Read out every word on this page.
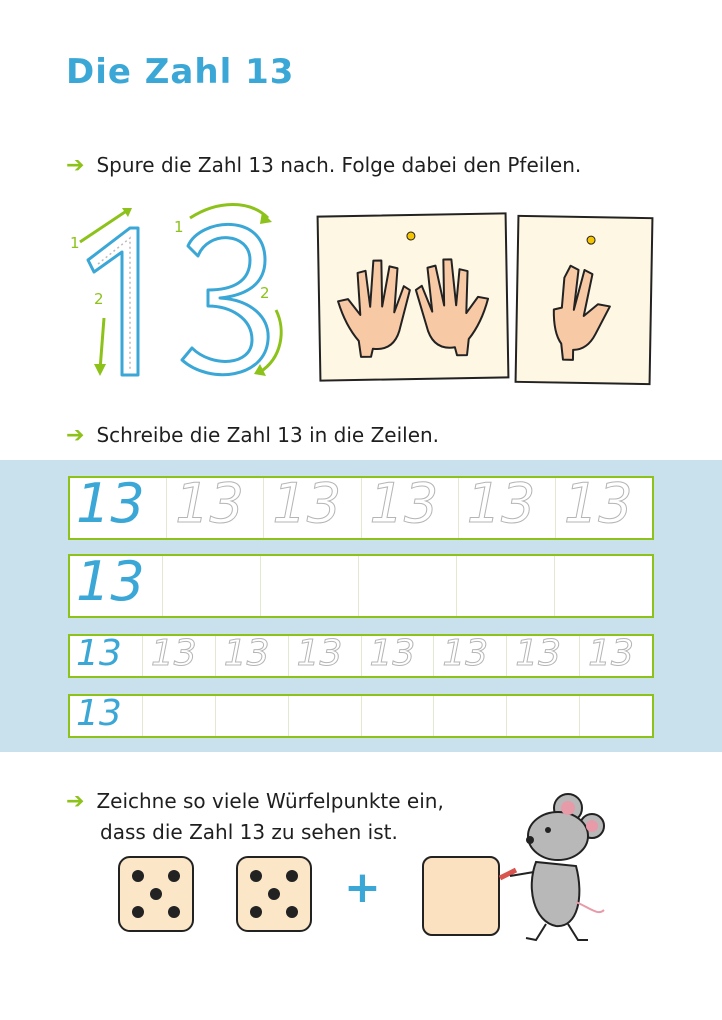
Die Zahl 13
➔ Spure die Zahl 13 nach. Folge dabei den Pfeilen.
1
2
1
2
➔ Schreibe die Zahl 13 in die Zeilen.
13 13 13 13 13 13
13
13 13 13 13 13 13 13 13
13
➔ Zeichne so viele Würfelpunkte ein,
dass die Zahl 13 zu sehen ist.
+
